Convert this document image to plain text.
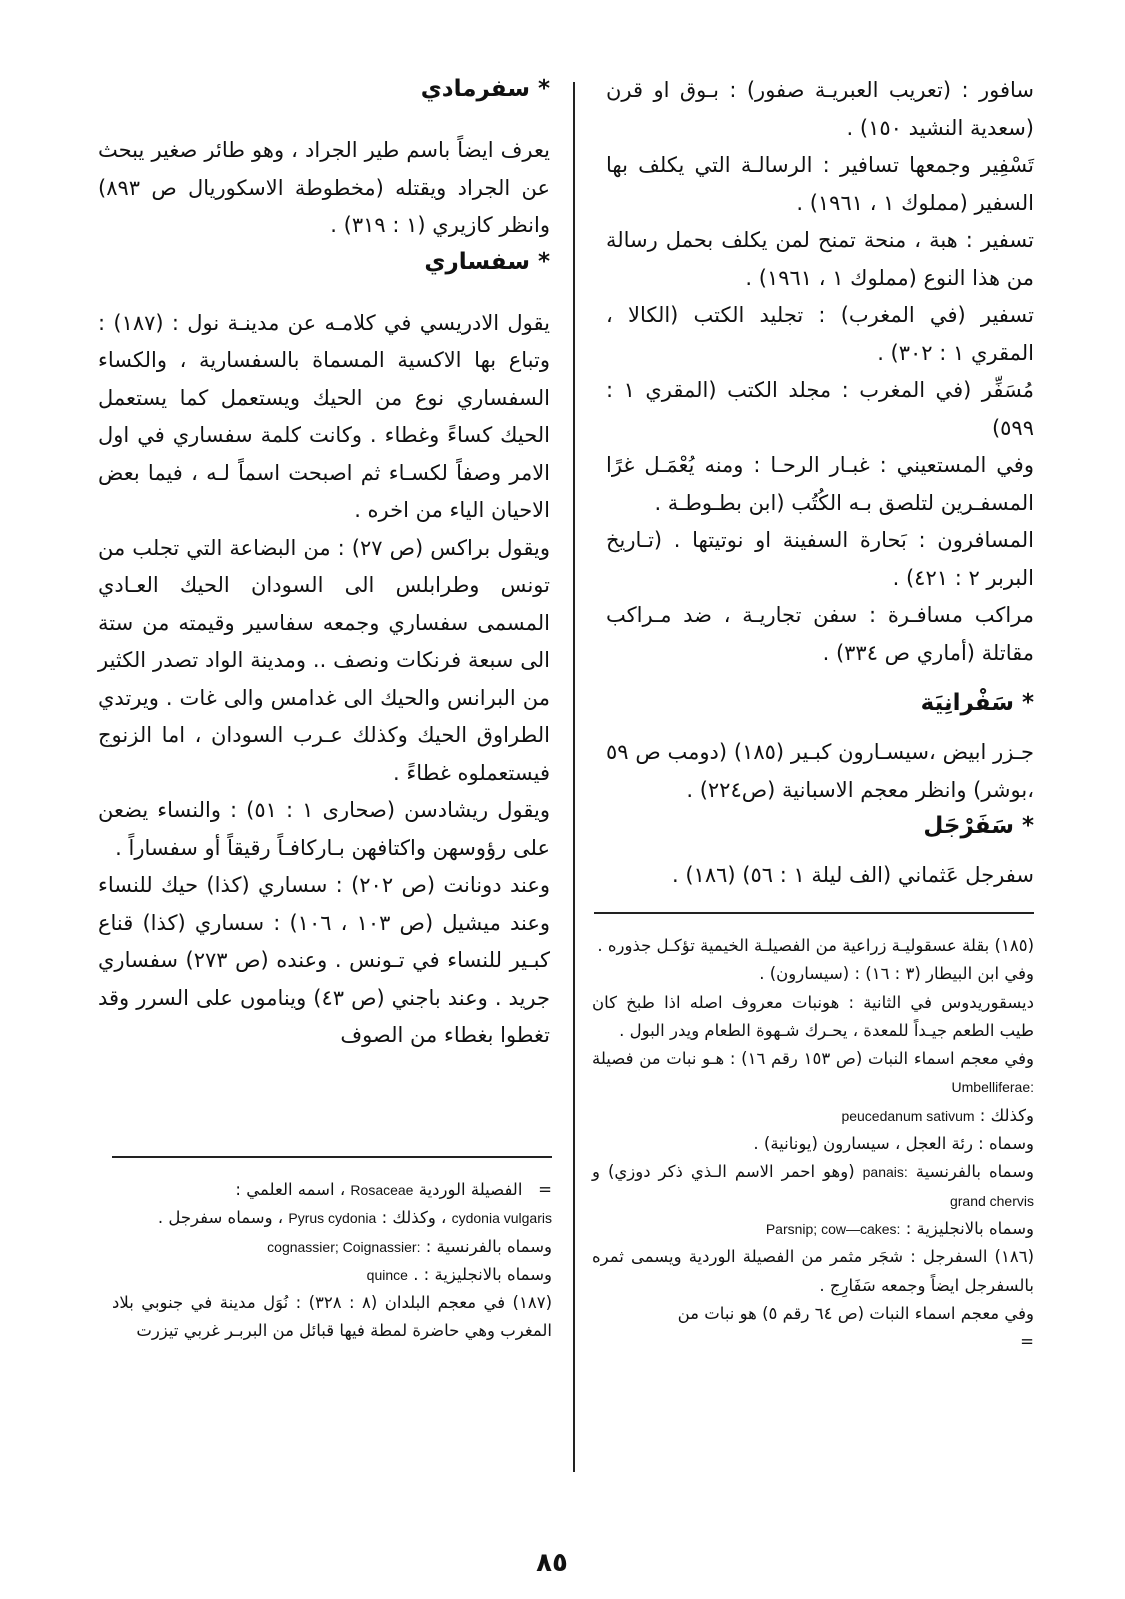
سافور : (تعريب العبريـة صفور) : بـوق او قرن (سعدية النشيد ١٥٠) .

تَسْفِير وجمعها تسافير : الرسالـة التي يكلف بها السفير (مملوك ١ ، ١٩٦١) .

تسفير : هبة ، منحة تمنح لمن يكلف بحمل رسالة من هذا النوع (مملوك ١ ، ١٩٦١) .

تسفير (في المغرب) : تجليد الكتب (الكالا ، المقري ١ : ٣٠٢) .

مُسَفِّر (في المغرب : مجلد الكتب (المقري ١ : ٥٩٩)

وفي المستعيني : غبـار الرحـا : ومنه يُعْمَـل غرًا المسفـرين لتلصق بـه الكُتُب (ابن بطـوطـة .

المسافرون : بَحارة السفينة او نوتيتها . (تـاريخ البربر ٢ : ٤٢١) .

مراكب مسافـرة : سفن تجاريـة ، ضد مـراكب مقاتلة (أماري ص ٣٣٤) .

* سَفْرانِيَة

جـزر ابيض ،سيسـارون كبـير (١٨٥) (دومب ص ٥٩ ،بوشر) وانظر معجم الاسبانية (ص٢٢٤) .

* سَفَرْجَل

سفرجل عَثماني (الف ليلة ١ : ٥٦) (١٨٦) .

* سفرمادي

يعرف ايضاً باسم طير الجراد ، وهو طائر صغير يبحث عن الجراد ويقتله (مخطوطة الاسكوريال ص ٨٩٣) وانظر كازيري (١ : ٣١٩) .

* سفساري

يقول الادريسي في كلامـه عن مدينـة نول : (١٨٧) : وتباع بها الاكسية المسماة بالسفسارية ، والكساء السفساري نوع من الحيك ويستعمل كما يستعمل الحيك كساءً وغطاء . وكانت كلمة سفساري في اول الامر وصفاً لكسـاء ثم اصبحت اسماً لـه ، فيما بعض الاحيان الياء من اخره .

ويقول براكس (ص ٢٧) : من البضاعة التي تجلب من تونس وطرابلس الى السودان الحيك العـادي المسمى سفساري وجمعه سفاسير وقيمته من ستة الى سبعة فرنكات ونصف .. ومدينة الواد تصدر الكثير من البرانس والحيك الى غدامس والى غات . ويرتدي الطراوق الحيك وكذلك عـرب السودان ، اما الزنوج فيستعملوه غطاءً .

ويقول ريشادسن (صحارى ١ : ٥١) : والنساء يضعن على رؤوسهن واكتافهن بـاركافـاً رقيقاً أو سفساراً .

وعند دونانت (ص ٢٠٢) : سساري (كذا) حيك للنساء وعند ميشيل (ص ١٠٣ ، ١٠٦) : سساري (كذا) قناع كبـير للنساء في تـونس . وعنده (ص ٢٧٣) سفساري جريد . وعند باجني (ص ٤٣) ويناموں على السرر وقد تغطوا بغطاء من الصوف

(١٨٥) بقلة عسقوليـة زراعية من الفصيلـة الخيمية تؤكـل جذوره .

وفي ابن البيطار (٣ : ١٦) : (سيسارون) .

ديسقوريدوس في الثانية : هونبات معروف اصله اذا طبخ كان طيب الطعم جيـداً للمعدة ، يحـرك شـهوة الطعام ويدر البول .

وفي معجم اسماء النبات (ص ١٥٣ رقم ١٦) : هـو نبات من فصيلة Umbelliferae:

وكذلك : peucedanum sativum

وسماه : رئة العجل ، سيسارون (يونانية) .

وسماه بالفرنسية panais: (وهو احمر الاسم الـذي ذكر دوزي) و grand chervis

وسماه بالانجليزية : Parsnip; cow—cakes:

(١٨٦) السفرجل : شجَر مثمر من الفصيلة الوردية ويسمى ثمره بالسفرجل ايضاً وجمعه سَفَارِج .

وفي معجم اسماء النبات (ص ٦٤ رقم ٥) هو نبات من

=

=   الفصيلة الوردية Rosaceae ، اسمه العلمي :

cydonia vulgaris ، وكذلك : Pyrus cydonia ، وسماه سفرجل .

وسماه بالفرنسية : cognassier; Coignassier:

وسماه بالانجليزية : . quince

(١٨٧) في معجم البلدان (٨ : ٣٢٨) : نُوَل مدينة في جنوبي بلاد المغرب وهي حاضرة لمطة فيها قبائل من البربـر غربي تيزرت

٨٥
